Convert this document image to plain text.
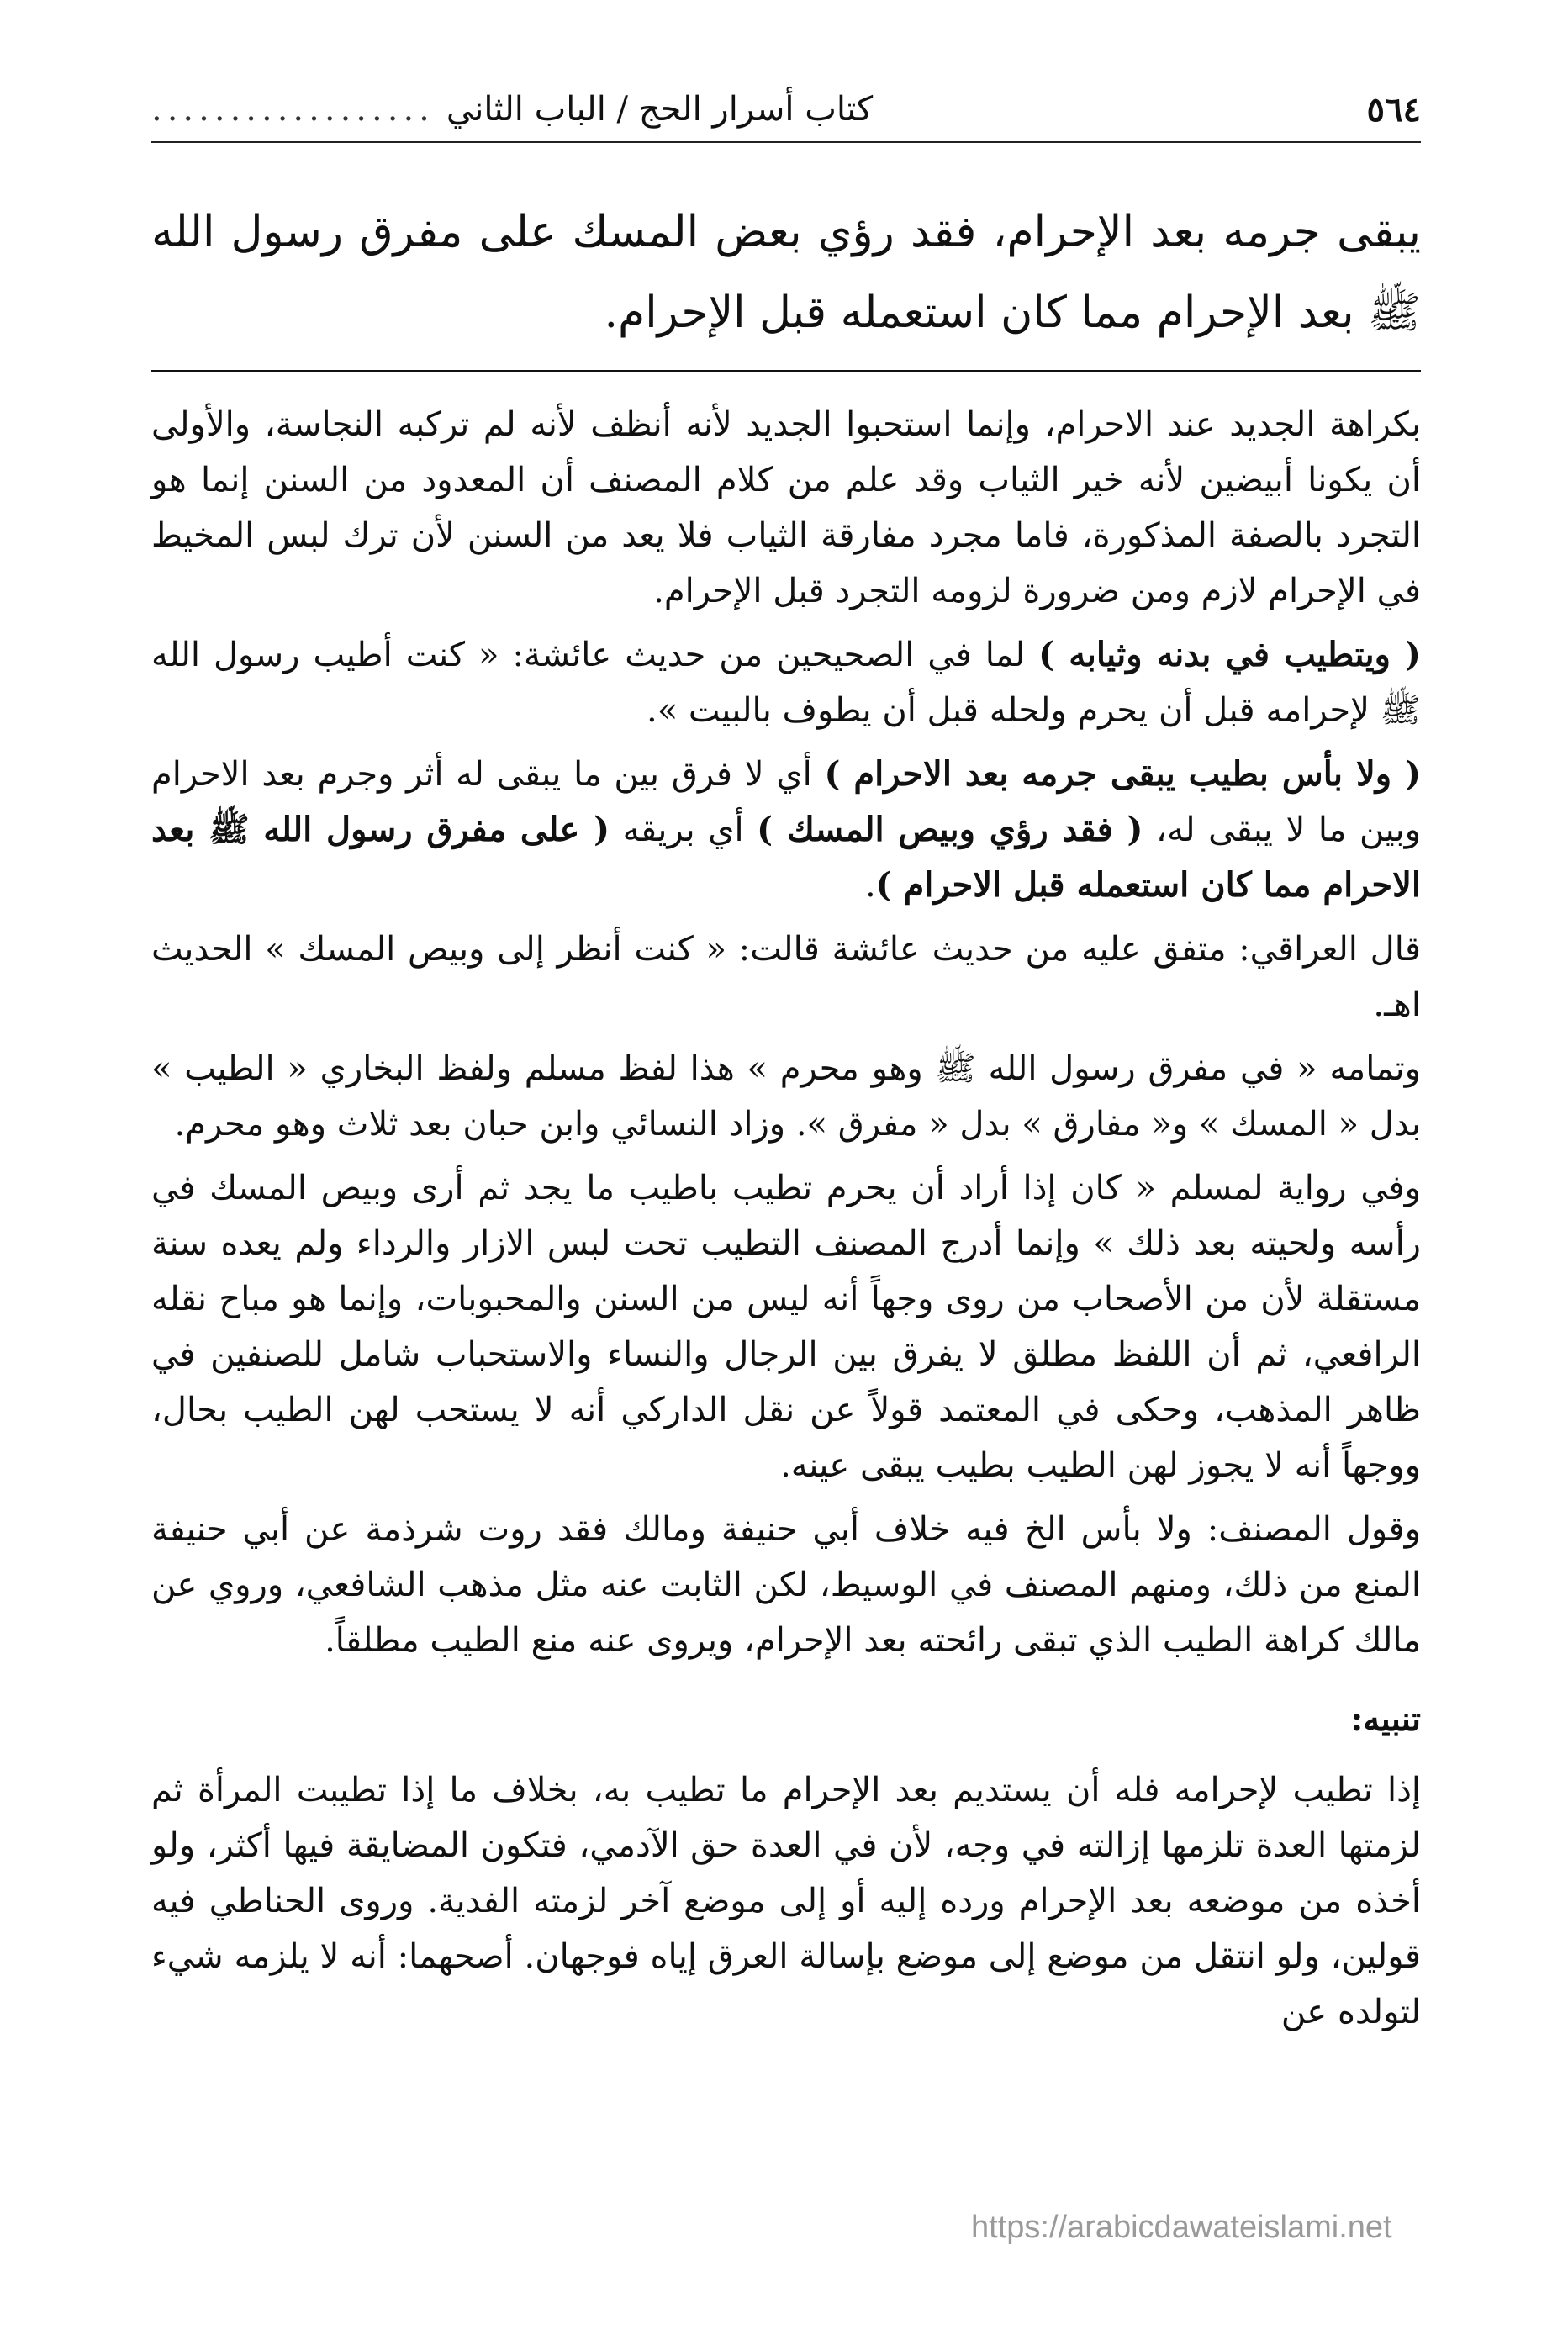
٥٦٤
كتاب أسرار الحج / الباب الثاني
..................
يبقى جرمه بعد الإحرام، فقد رؤي بعض المسك على مفرق رسول الله ﷺ بعد الإحرام مما كان استعمله قبل الإحرام.

بكراهة الجديد عند الاحرام، وإنما استحبوا الجديد لأنه أنظف لأنه لم تركبه النجاسة، والأولى أن يكونا أبيضين لأنه خير الثياب وقد علم من كلام المصنف أن المعدود من السنن إنما هو التجرد بالصفة المذكورة، فاما مجرد مفارقة الثياب فلا يعد من السنن لأن ترك لبس المخيط في الإحرام لازم ومن ضرورة لزومه التجرد قبل الإحرام.

( ويتطيب في بدنه وثيابه ) لما في الصحيحين من حديث عائشة: « كنت أطيب رسول الله ﷺ لإحرامه قبل أن يحرم ولحله قبل أن يطوف بالبيت ».

( ولا بأس بطيب يبقى جرمه بعد الاحرام ) أي لا فرق بين ما يبقى له أثر وجرم بعد الاحرام وبين ما لا يبقى له، ( فقد رؤي وبيص المسك ) أي بريقه ( على مفرق رسول الله ﷺ بعد الاحرام مما كان استعمله قبل الاحرام ).

قال العراقي: متفق عليه من حديث عائشة قالت: « كنت أنظر إلى وبيص المسك » الحديث اهـ.

وتمامه « في مفرق رسول الله ﷺ وهو محرم » هذا لفظ مسلم ولفظ البخاري « الطيب » بدل « المسك » و« مفارق » بدل « مفرق ». وزاد النسائي وابن حبان بعد ثلاث وهو محرم.

وفي رواية لمسلم « كان إذا أراد أن يحرم تطيب باطيب ما يجد ثم أرى وبيص المسك في رأسه ولحيته بعد ذلك » وإنما أدرج المصنف التطيب تحت لبس الازار والرداء ولم يعده سنة مستقلة لأن من الأصحاب من روى وجهاً أنه ليس من السنن والمحبوبات، وإنما هو مباح نقله الرافعي، ثم أن اللفظ مطلق لا يفرق بين الرجال والنساء والاستحباب شامل للصنفين في ظاهر المذهب، وحكى في المعتمد قولاً عن نقل الداركي أنه لا يستحب لهن الطيب بحال، ووجهاً أنه لا يجوز لهن الطيب بطيب يبقى عينه.

وقول المصنف: ولا بأس الخ فيه خلاف أبي حنيفة ومالك فقد روت شرذمة عن أبي حنيفة المنع من ذلك، ومنهم المصنف في الوسيط، لكن الثابت عنه مثل مذهب الشافعي، وروي عن مالك كراهة الطيب الذي تبقى رائحته بعد الإحرام، ويروى عنه منع الطيب مطلقاً.

تنبيه:

إذا تطيب لإحرامه فله أن يستديم بعد الإحرام ما تطيب به، بخلاف ما إذا تطيبت المرأة ثم لزمتها العدة تلزمها إزالته في وجه، لأن في العدة حق الآدمي، فتكون المضايقة فيها أكثر، ولو أخذه من موضعه بعد الإحرام ورده إليه أو إلى موضع آخر لزمته الفدية. وروى الحناطي فيه قولين، ولو انتقل من موضع إلى موضع بإسالة العرق إياه فوجهان. أصحهما: أنه لا يلزمه شيء لتولده عن

https://arabicdawateislami.net
